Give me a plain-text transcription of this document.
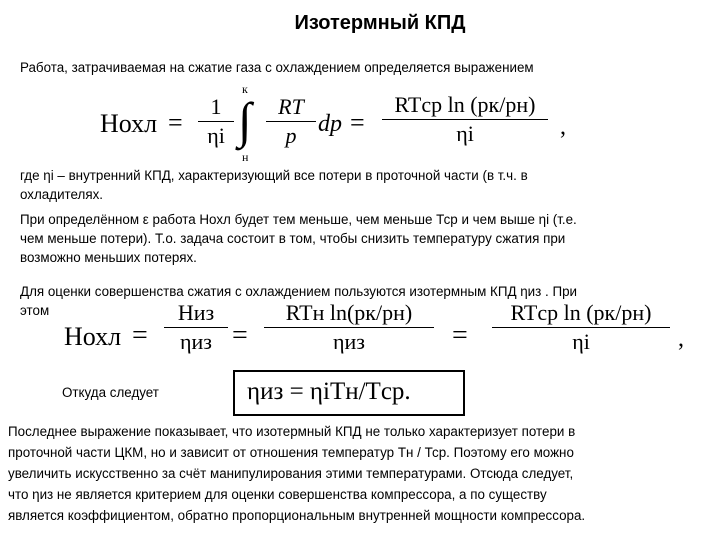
Изотермный КПД
Работа, затрачиваемая на сжатие газа с охлаждением определяется выражением
Hохл = $\frac{1}{\eta i}$
к
∫
н
$\frac{RT}{p}$ dp =
RTср ln (pк/pн)
ηi	,
где ηi – внутренний КПД, характеризующий все потери в проточной части (в т.ч. в
охладителях.
При определённом ε работа Нохл будет тем меньше, чем меньше Тср и чем выше ηi (т.е.
чем меньше потери). Т.о. задача состоит в том, чтобы снизить температуру сжатия при
возможно меньших потерях.
Для оценки совершенства сжатия с охлаждением пользуются изотермным КПД ηиз . При
этом
Hохл =
Hиз
ηиз =
RTн ln(pк/pн)
ηиз	=
RTср ln (pк/pн)
ηi	,
Откуда следует	ηиз = ηiTн/Tср.
Последнее выражение показывает, что изотермный КПД не только характеризует потери в
проточной части ЦКМ, но и зависит от отношения температур Тн / Тср. Поэтому его можно
увеличить искусственно за счёт манипулирования этими температурами. Отсюда следует,
что ηиз не является критерием для оценки совершенства компрессора, а по существу
является коэффициентом, обратно пропорциональным внутренней мощности компрессора.
